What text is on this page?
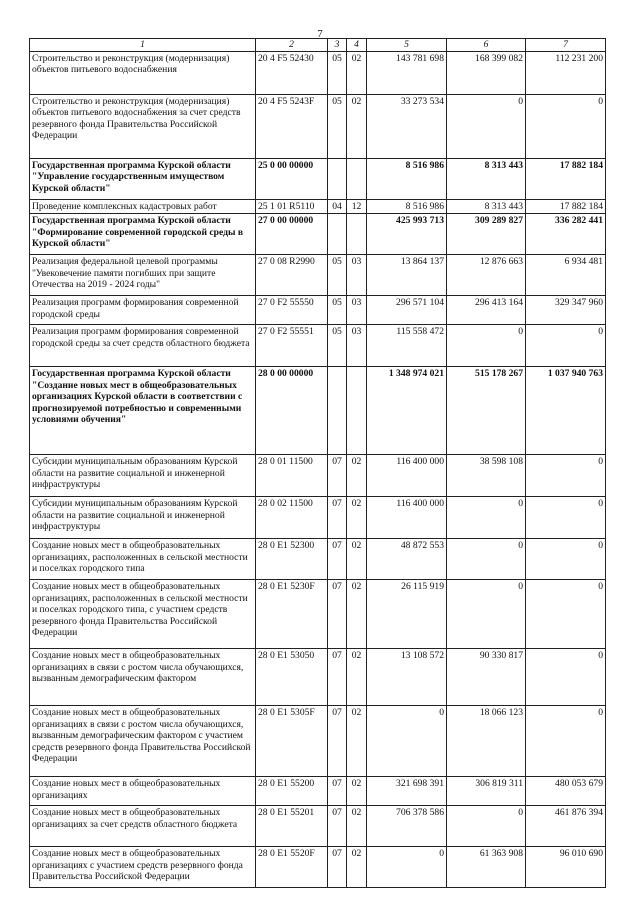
7
1	2	3	4	5	6	7
Строительство и реконструкция (модернизация) объектов питьевого водоснабжения	20 4 F5 52430	05	02	143 781 698	168 399 082	112 231 200
Строительство и реконструкция (модернизация) объектов питьевого водоснабжения за счет средств резервного фонда Правительства Российской Федерации	20 4 F5 5243F	05	02	33 273 534	0	0
Государственная программа Курской области "Управление государственным имуществом Курской области"	25 0 00 00000			8 516 986	8 313 443	17 882 184
Проведение комплексных кадастровых работ	25 1 01 R5110	04	12	8 516 986	8 313 443	17 882 184
Государственная программа Курской области "Формирование современной городской среды в Курской области"	27 0 00 00000			425 993 713	309 289 827	336 282 441
Реализация федеральной целевой программы "Увековечение памяти погибших при защите Отечества на 2019 - 2024 годы"	27 0 08 R2990	05	03	13 864 137	12 876 663	6 934 481
Реализация программ формирования современной городской среды	27 0 F2 55550	05	03	296 571 104	296 413 164	329 347 960
Реализация программ формирования современной городской среды за счет средств областного бюджета	27 0 F2 55551	05	03	115 558 472	0	0
Государственная программа Курской области "Создание новых мест в общеобразовательных организациях Курской области в соответствии с прогнозируемой потребностью и современными условиями обучения"	28 0 00 00000			1 348 974 021	515 178 267	1 037 940 763
Субсидии муниципальным образованиям Курской области на развитие социальной и инженерной инфраструктуры	28 0 01 11500	07	02	116 400 000	38 598 108	0
Субсидии муниципальным образованиям Курской области на развитие социальной и инженерной инфраструктуры	28 0 02 11500	07	02	116 400 000	0	0
Создание новых мест в общеобразовательных организациях, расположенных в сельской местности и поселках городского типа	28 0 E1 52300	07	02	48 872 553	0	0
Создание новых мест в общеобразовательных организациях, расположенных в сельской местности и поселках городского типа, с участием средств резервного фонда Правительства Российской Федерации	28 0 E1 5230F	07	02	26 115 919	0	0
Создание новых мест в общеобразовательных организациях в связи с ростом числа обучающихся, вызванным демографическим фактором	28 0 E1 53050	07	02	13 108 572	90 330 817	0
Создание новых мест в общеобразовательных организациях в связи с ростом числа обучающихся, вызванным демографическим фактором с участием средств резервного фонда Правительства Российской Федерации	28 0 E1 5305F	07	02	0	18 066 123	0
Создание новых мест в общеобразовательных организациях	28 0 E1 55200	07	02	321 698 391	306 819 311	480 053 679
Создание новых мест в общеобразовательных организациях за счет средств областного бюджета	28 0 E1 55201	07	02	706 378 586	0	461 876 394
Создание новых мест в общеобразовательных организациях с участием средств резервного фонда Правительства Российской Федерации	28 0 E1 5520F	07	02	0	61 363 908	96 010 690
